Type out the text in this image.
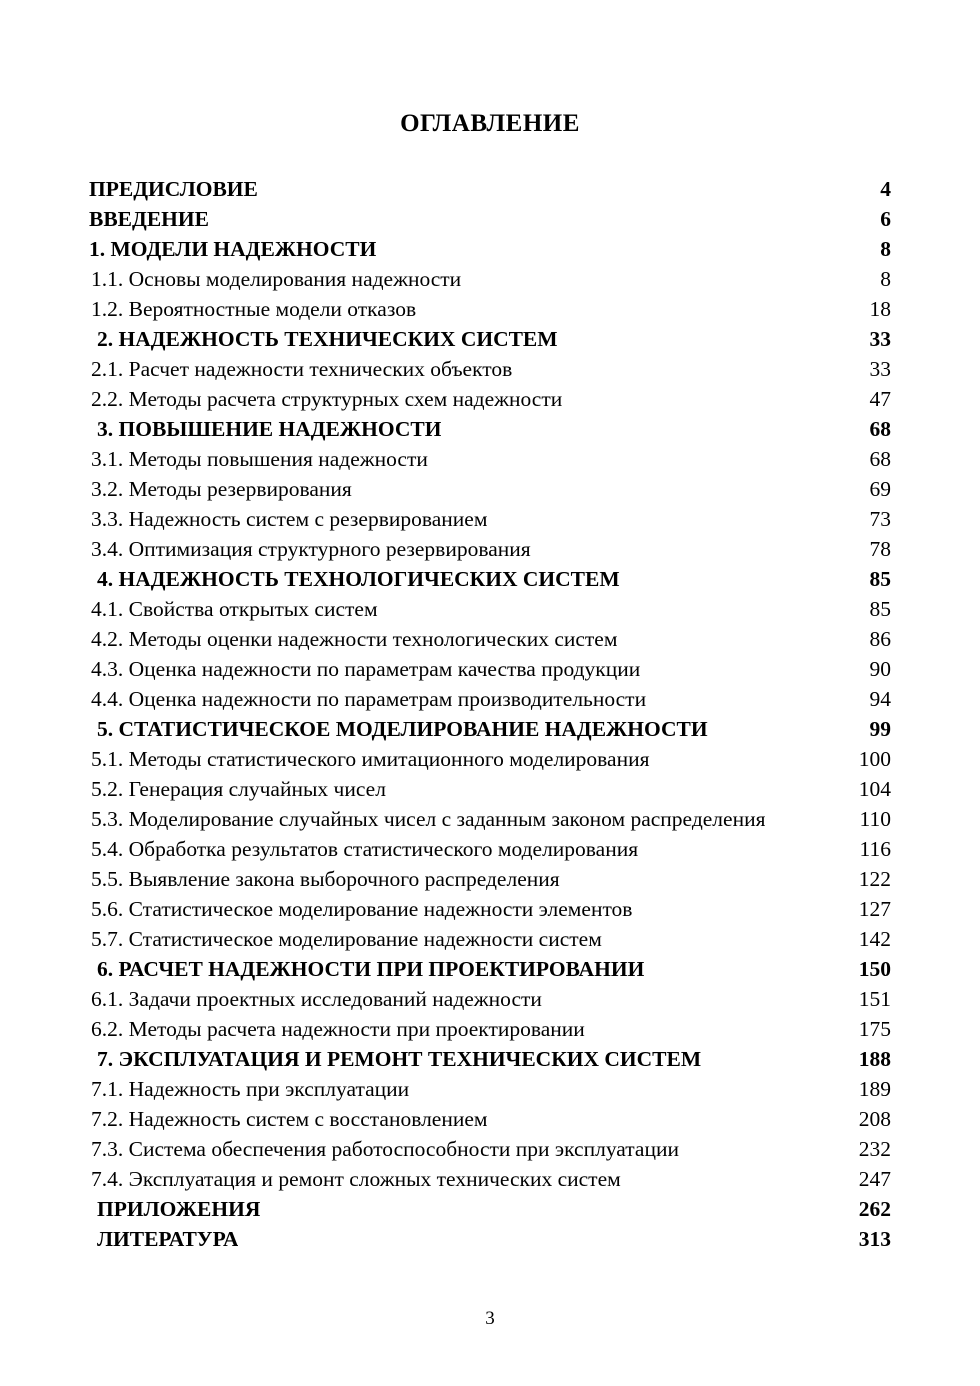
ОГЛАВЛЕНИЕ
ПРЕДИСЛОВИЕ	4
ВВЕДЕНИЕ	6
1. МОДЕЛИ НАДЕЖНОСТИ	8
1.1. Основы моделирования надежности	8
1.2. Вероятностные модели отказов	18
2. НАДЕЖНОСТЬ ТЕХНИЧЕСКИХ СИСТЕМ	33
2.1. Расчет надежности технических объектов	33
2.2. Методы расчета структурных схем надежности	47
3. ПОВЫШЕНИЕ НАДЕЖНОСТИ	68
3.1. Методы повышения надежности	68
3.2. Методы резервирования	69
3.3. Надежность систем с резервированием	73
3.4. Оптимизация структурного резервирования	78
4. НАДЕЖНОСТЬ ТЕХНОЛОГИЧЕСКИХ СИСТЕМ	85
4.1. Свойства открытых систем	85
4.2. Методы оценки надежности технологических систем	86
4.3. Оценка надежности по параметрам качества продукции	90
4.4. Оценка надежности по параметрам производительности	94
5. СТАТИСТИЧЕСКОЕ МОДЕЛИРОВАНИЕ НАДЕЖНОСТИ	99
5.1. Методы статистического имитационного моделирования	100
5.2. Генерация случайных чисел	104
5.3. Моделирование случайных чисел с заданным законом распределения	110
5.4. Обработка результатов статистического моделирования	116
5.5. Выявление закона выборочного распределения	122
5.6. Статистическое моделирование надежности элементов	127
5.7. Статистическое моделирование надежности систем	142
6. РАСЧЕТ НАДЕЖНОСТИ ПРИ ПРОЕКТИРОВАНИИ	150
6.1. Задачи проектных исследований надежности	151
6.2. Методы расчета надежности при проектировании	175
7. ЭКСПЛУАТАЦИЯ И РЕМОНТ ТЕХНИЧЕСКИХ СИСТЕМ	188
7.1. Надежность при эксплуатации	189
7.2. Надежность систем с восстановлением	208
7.3. Система обеспечения работоспособности при эксплуатации	232
7.4. Эксплуатация и ремонт сложных технических систем	247
ПРИЛОЖЕНИЯ	262
ЛИТЕРАТУРА	313
3
